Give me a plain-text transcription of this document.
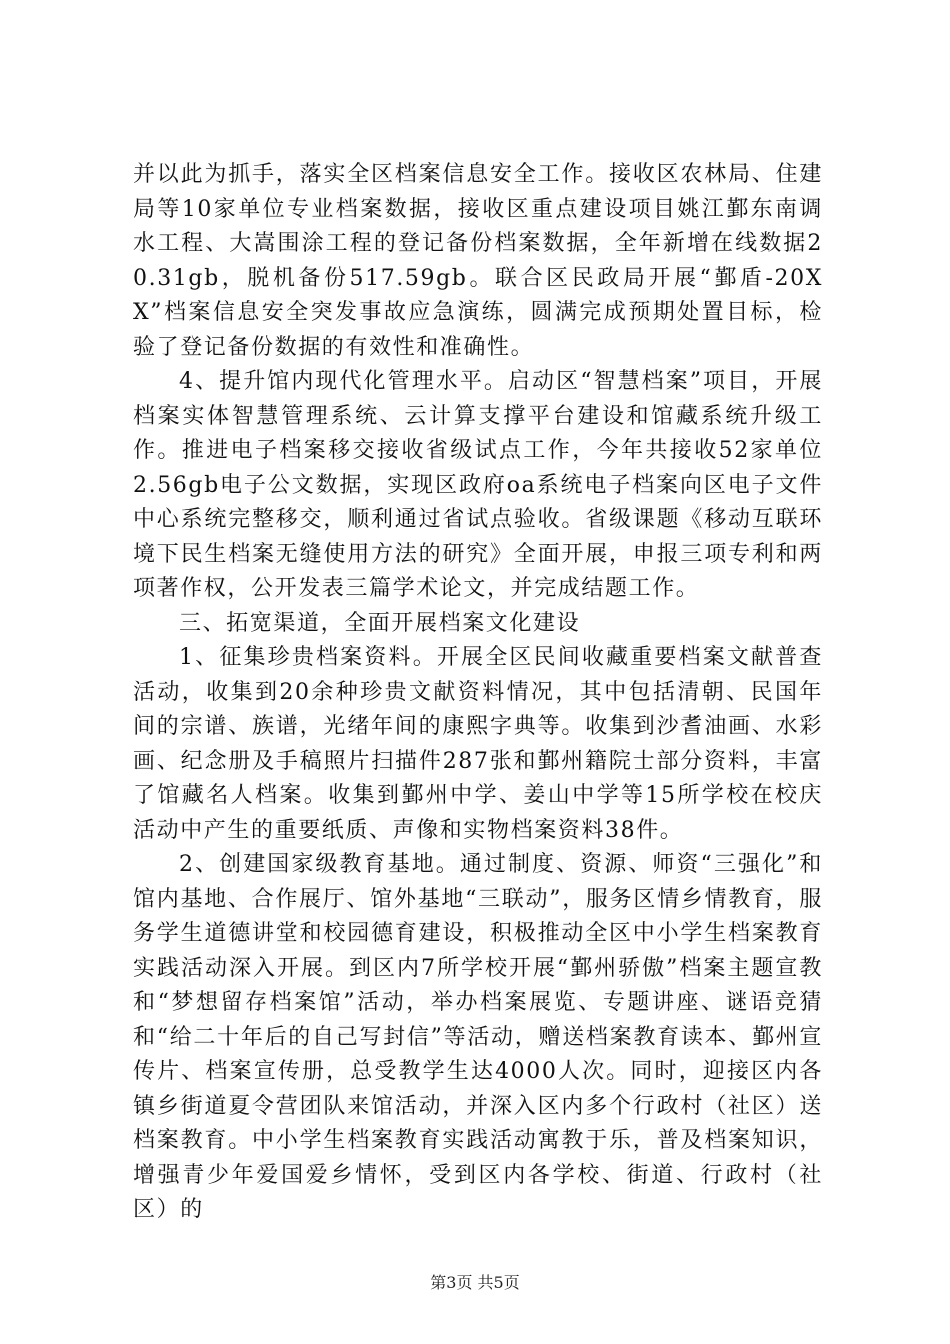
并以此为抓手，落实全区档案信息安全工作。接收区农林局、住建局等10家单位专业档案数据，接收区重点建设项目姚江鄞东南调水工程、大嵩围涂工程的登记备份档案数据，全年新增在线数据20.31gb，脱机备份517.59gb。联合区民政局开展“鄞盾-20XX”档案信息安全突发事故应急演练，圆满完成预期处置目标，检验了登记备份数据的有效性和准确性。

4、提升馆内现代化管理水平。启动区“智慧档案”项目，开展档案实体智慧管理系统、云计算支撑平台建设和馆藏系统升级工作。推进电子档案移交接收省级试点工作，今年共接收52家单位2.56gb电子公文数据，实现区政府oa系统电子档案向区电子文件中心系统完整移交，顺利通过省试点验收。省级课题《移动互联环境下民生档案无缝使用方法的研究》全面开展，申报三项专利和两项著作权，公开发表三篇学术论文，并完成结题工作。

三、拓宽渠道，全面开展档案文化建设

1、征集珍贵档案资料。开展全区民间收藏重要档案文献普查活动，收集到20余种珍贵文献资料情况，其中包括清朝、民国年间的宗谱、族谱，光绪年间的康熙字典等。收集到沙耆油画、水彩画、纪念册及手稿照片扫描件287张和鄞州籍院士部分资料，丰富了馆藏名人档案。收集到鄞州中学、姜山中学等15所学校在校庆活动中产生的重要纸质、声像和实物档案资料38件。

2、创建国家级教育基地。通过制度、资源、师资“三强化”和馆内基地、合作展厅、馆外基地“三联动”，服务区情乡情教育，服务学生道德讲堂和校园德育建设，积极推动全区中小学生档案教育实践活动深入开展。到区内7所学校开展“鄞州骄傲”档案主题宣教和“梦想留存档案馆”活动，举办档案展览、专题讲座、谜语竞猜和“给二十年后的自己写封信”等活动，赠送档案教育读本、鄞州宣传片、档案宣传册，总受教学生达4000人次。同时，迎接区内各镇乡街道夏令营团队来馆活动，并深入区内多个行政村（社区）送档案教育。中小学生档案教育实践活动寓教于乐，普及档案知识，增强青少年爱国爱乡情怀，受到区内各学校、街道、行政村（社区）的

第3页 共5页
